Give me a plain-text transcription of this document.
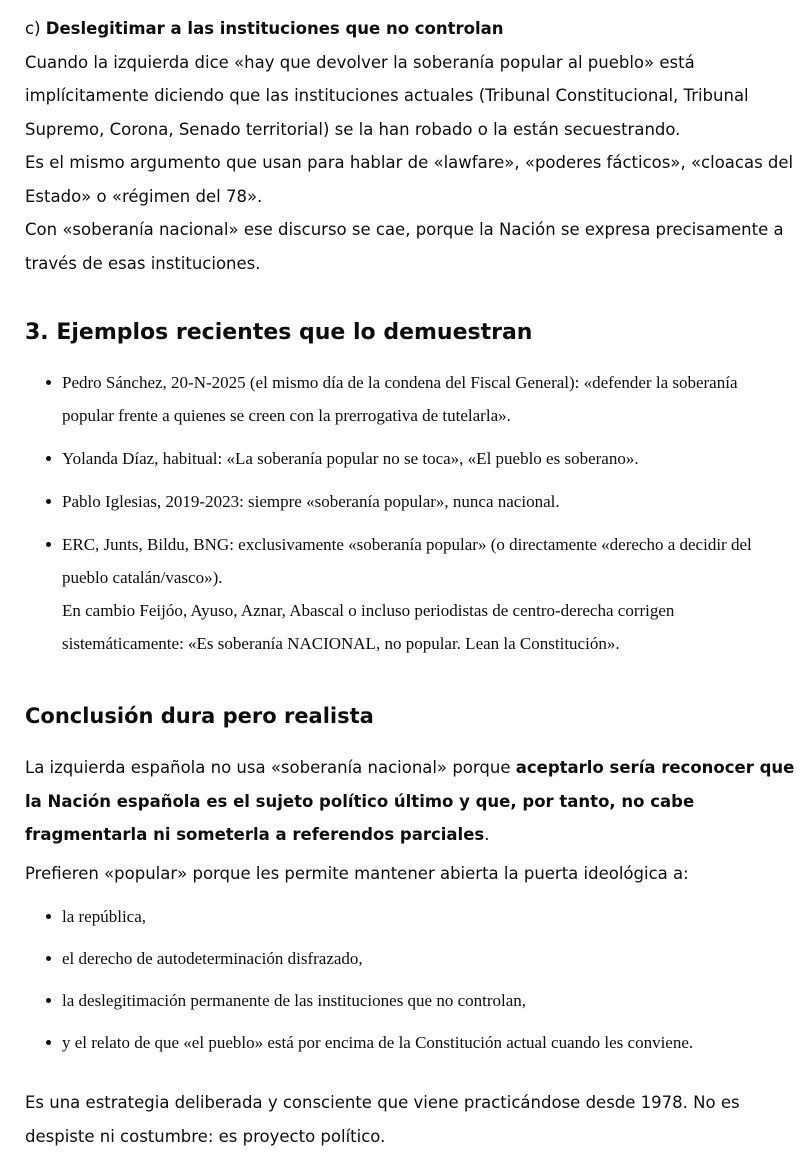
c) Deslegitimar a las instituciones que no controlan
Cuando la izquierda dice «hay que devolver la soberanía popular al pueblo» está implícitamente diciendo que las instituciones actuales (Tribunal Constitucional, Tribunal Supremo, Corona, Senado territorial) se la han robado o la están secuestrando.
Es el mismo argumento que usan para hablar de «lawfare», «poderes fácticos», «cloacas del Estado» o «régimen del 78».
Con «soberanía nacional» ese discurso se cae, porque la Nación se expresa precisamente a través de esas instituciones.
3. Ejemplos recientes que lo demuestran
Pedro Sánchez, 20-N-2025 (el mismo día de la condena del Fiscal General): «defender la soberanía popular frente a quienes se creen con la prerrogativa de tutelarla».
Yolanda Díaz, habitual: «La soberanía popular no se toca», «El pueblo es soberano».
Pablo Iglesias, 2019-2023: siempre «soberanía popular», nunca nacional.
ERC, Junts, Bildu, BNG: exclusivamente «soberanía popular» (o directamente «derecho a decidir del pueblo catalán/vasco»).
En cambio Feijóo, Ayuso, Aznar, Abascal o incluso periodistas de centro-derecha corrigen sistemáticamente: «Es soberanía NACIONAL, no popular. Lean la Constitución».
Conclusión dura pero realista
La izquierda española no usa «soberanía nacional» porque aceptarlo sería reconocer que la Nación española es el sujeto político último y que, por tanto, no cabe fragmentarla ni someterla a referendos parciales.
Prefieren «popular» porque les permite mantener abierta la puerta ideológica a:
la república,
el derecho de autodeterminación disfrazado,
la deslegitimación permanente de las instituciones que no controlan,
y el relato de que «el pueblo» está por encima de la Constitución actual cuando les conviene.
Es una estrategia deliberada y consciente que viene practicándose desde 1978. No es despiste ni costumbre: es proyecto político.
